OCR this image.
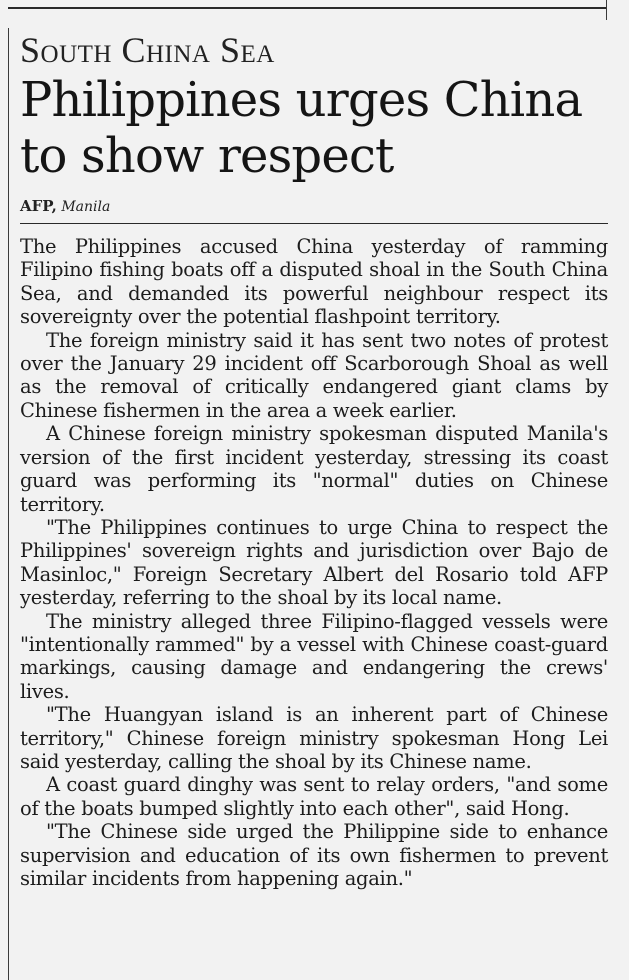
South China Sea
Philippines urges China to show respect
AFP, Manila

The Philippines accused China yesterday of ramming Filipino fishing boats off a disputed shoal in the South China Sea, and demanded its powerful neighbour respect its sovereignty over the potential flashpoint territory.

The foreign ministry said it has sent two notes of protest over the January 29 incident off Scarborough Shoal as well as the removal of critically endangered giant clams by Chinese fishermen in the area a week earlier.

A Chinese foreign ministry spokesman disputed Manila's version of the first incident yesterday, stressing its coast guard was performing its "normal" duties on Chinese territory.

"The Philippines continues to urge China to respect the Philippines' sovereign rights and jurisdiction over Bajo de Masinloc," Foreign Secretary Albert del Rosario told AFP yesterday, referring to the shoal by its local name.

The ministry alleged three Filipino-flagged vessels were "intentionally rammed" by a vessel with Chinese coast-guard markings, causing damage and endangering the crews' lives.

"The Huangyan island is an inherent part of Chinese territory," Chinese foreign ministry spokesman Hong Lei said yesterday, calling the shoal by its Chinese name.

A coast guard dinghy was sent to relay orders, "and some of the boats bumped slightly into each other", said Hong.

"The Chinese side urged the Philippine side to enhance supervision and education of its own fishermen to prevent similar incidents from happening again."
